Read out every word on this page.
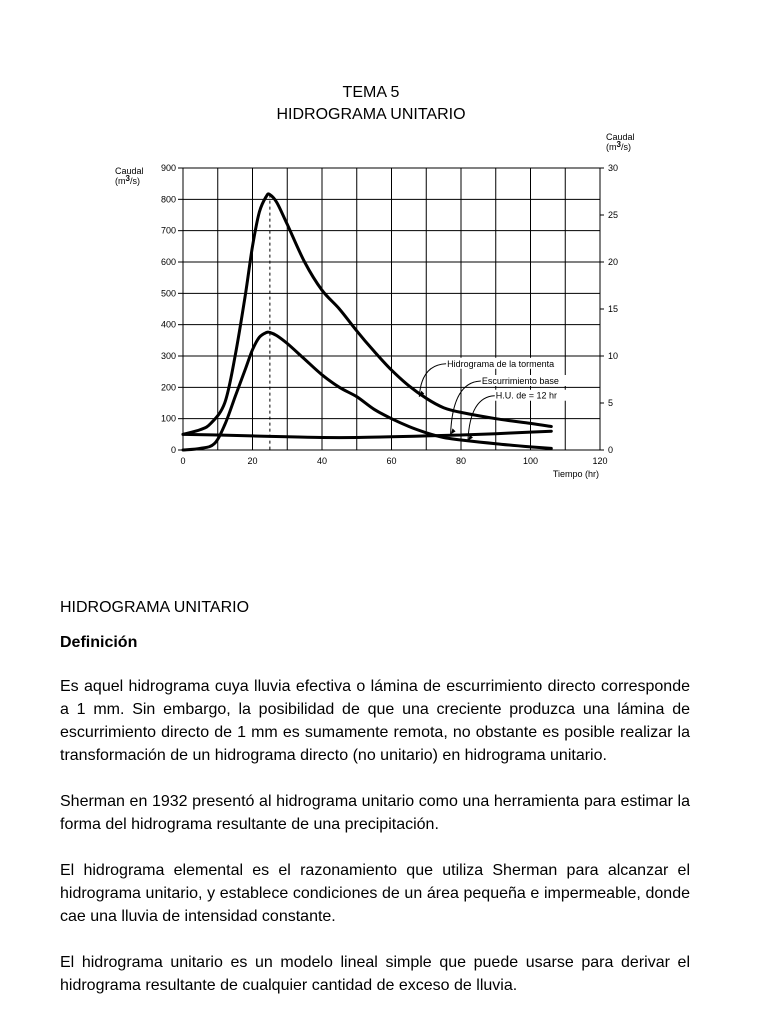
TEMA 5
HIDROGRAMA UNITARIO
0	20	40	60	80	100	120
0
100
200
300
400
500
600
700
800
900
0
5
10
15
20
25
30
Caudal (m3/s)
Caudal (m3/s)
Tiempo (hr)
Hidrograma de la tormenta
Escurrimiento base
H.U. de = 12 hr

HIDROGRAMA UNITARIO

Definición

Es aquel hidrograma cuya lluvia efectiva o lámina de escurrimiento directo corresponde a 1 mm. Sin embargo, la posibilidad de que una creciente produzca una lámina de escurrimiento directo de 1 mm es sumamente remota, no obstante es posible realizar la transformación de un hidrograma directo (no unitario) en hidrograma unitario.

Sherman en 1932 presentó al hidrograma unitario como una herramienta para estimar la forma del hidrograma resultante de una precipitación.

El hidrograma elemental es el razonamiento que utiliza Sherman para alcanzar el hidrograma unitario, y establece condiciones de un área pequeña e impermeable, donde cae una lluvia de intensidad constante.

El hidrograma unitario es un modelo lineal simple que puede usarse para derivar el hidrograma resultante de cualquier cantidad de exceso de lluvia.
